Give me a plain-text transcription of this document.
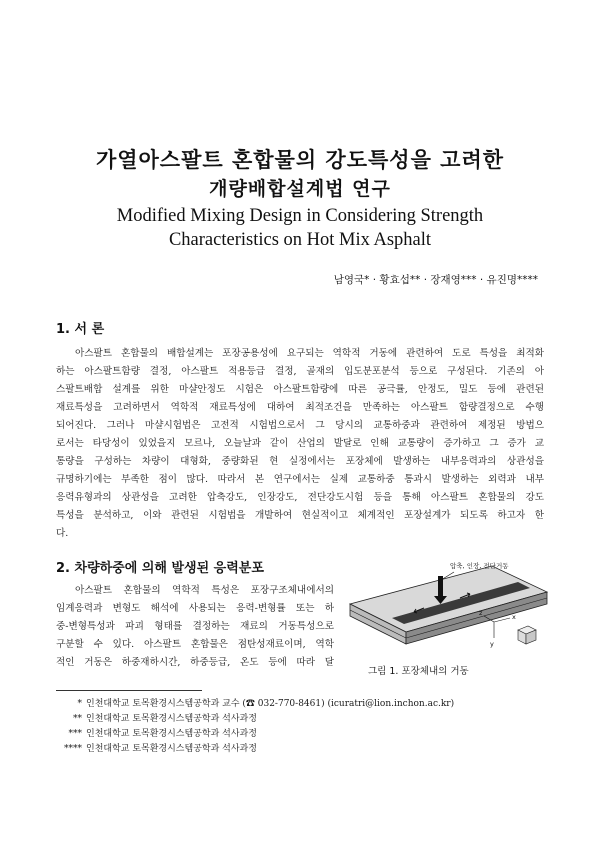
가열아스팔트 혼합물의 강도특성을 고려한
개량배합설계법 연구
Modified Mixing Design in Considering Strength
Characteristics on Hot Mix Asphalt
남영국* · 황효섭** · 장재영*** · 유진명****
1. 서 론
아스팔트 혼합물의 배합설계는 포장공용성에 요구되는 역학적 거동에 관련하여 도로 특성을 최적화
하는 아스팔트함량 결정, 아스팔트 적용등급 결정, 골재의 입도분포분석 등으로 구성된다. 기존의 아
스팔트배합 설계를 위한 마샬안정도 시험은 아스팔트함량에 따른 공극률, 안정도, 밀도 등에 관련된
재료특성을 고려하면서 역학적 재료특성에 대하여 최적조건을 만족하는 아스팔트 함량결정으로 수행
되어진다. 그러나 마샬시험법은 고전적 시험법으로서 그 당시의 교통하중과 관련하여 제정된 방법으
로서는 타당성이 있었을지 모르나, 오늘날과 같이 산업의 발달로 인해 교통량이 증가하고 그 증가 교
통량을 구성하는 차량이 대형화, 중량화된 현 실정에서는 포장체에 발생하는 내부응력과의 상관성을
규명하기에는 부족한 점이 많다. 따라서 본 연구에서는 실제 교통하중 통과시 발생하는 외력과 내부
응력유형과의 상관성을 고려한 압축강도, 인장강도, 전단강도시험 등을 통해 아스팔트 혼합물의 강도
특성을 분석하고, 이와 관련된 시험법을 개발하여 현실적이고 체계적인 포장설계가 되도록 하고자 한
다.
2. 차량하중에 의해 발생된 응력분포
아스팔트 혼합물의 역학적 특성은 포장구조체내에서의
임계응력과 변형도 해석에 사용되는 응력-변형률 또는 하
중-변형특성과 파괴 형태를 결정하는 재료의 거동특성으로
구분할 수 있다. 아스팔트 혼합물은 점탄성재료이며, 역학
적인 거동은 하중재하시간, 하중등급, 온도 등에 따라 달
압축, 인장, 전단거동
x
y
z
그림 1. 포장체내의 거동
* 인천대학교 토목환경시스템공학과 교수 (☎ 032-770-8461) (icuratri@lion.inchon.ac.kr)
** 인천대학교 토목환경시스템공학과 석사과정
*** 인천대학교 토목환경시스템공학과 석사과정
**** 인천대학교 토목환경시스템공학과 석사과정
